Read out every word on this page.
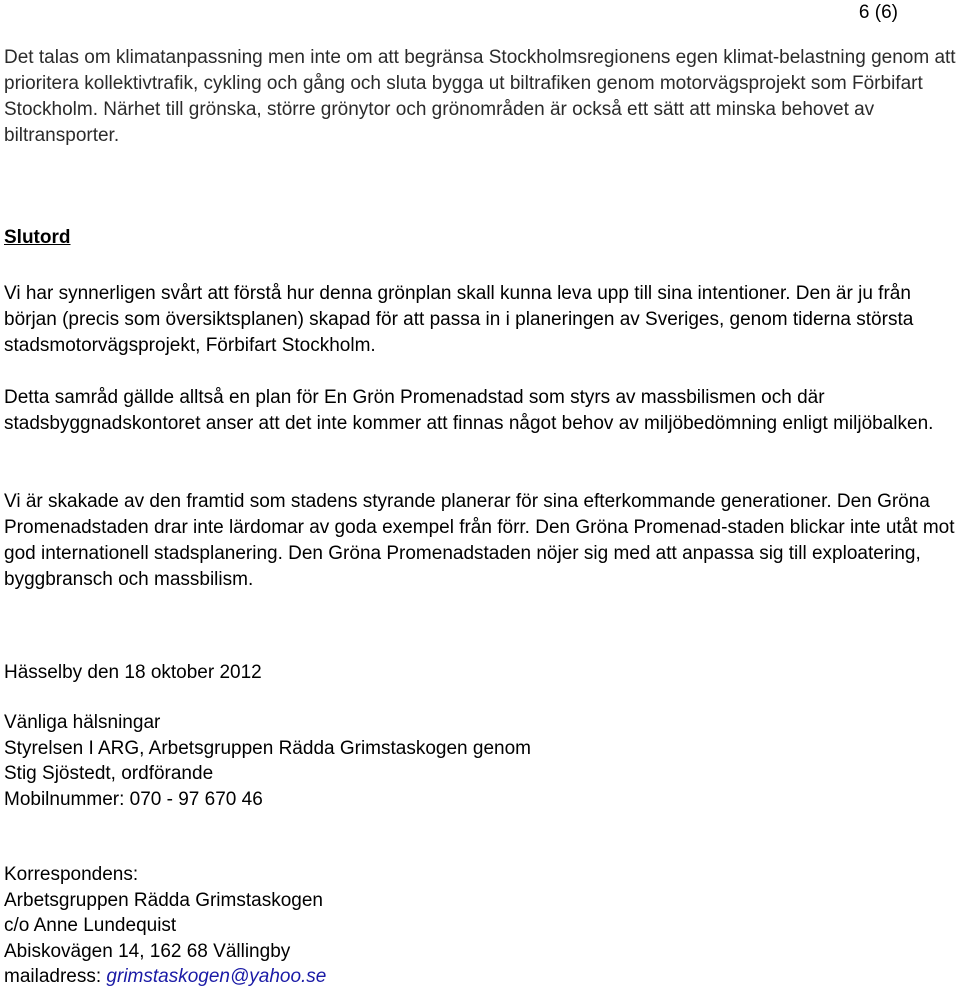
6 (6)

Det talas om klimatanpassning men inte om att begränsa Stockholmsregionens egen klimat-belastning genom att prioritera kollektivtrafik, cykling och gång och sluta bygga ut biltrafiken genom motorvägsprojekt som Förbifart Stockholm. Närhet till grönska, större grönytor och grönområden är också ett sätt att minska behovet av biltransporter.

Slutord

Vi har synnerligen svårt att förstå hur denna grönplan skall kunna leva upp till sina intentioner. Den är ju från början (precis som översiktsplanen) skapad för att passa in i planeringen av Sveriges, genom tiderna största stadsmotorvägsprojekt, Förbifart Stockholm.

Detta samråd gällde alltså en plan för En Grön Promenadstad som styrs av massbilismen och där stadsbyggnadskontoret anser att det inte kommer att finnas något behov av miljöbedömning enligt miljöbalken.

Vi är skakade av den framtid som stadens styrande planerar för sina efterkommande generationer. Den Gröna Promenadstaden drar inte lärdomar av goda exempel från förr. Den Gröna Promenad-staden blickar inte utåt mot god internationell stadsplanering. Den Gröna Promenadstaden nöjer sig med att anpassa sig till exploatering, byggbransch och massbilism.

Hässelby den 18 oktober 2012
Vänliga hälsningar
Styrelsen I ARG, Arbetsgruppen Rädda Grimstaskogen genom
Stig Sjöstedt, ordförande
Mobilnummer: 070 - 97 670 46
Korrespondens:
Arbetsgruppen Rädda Grimstaskogen
c/o Anne Lundequist
Abiskovägen 14, 162 68 Vällingby
mailadress: grimstaskogen@yahoo.se
